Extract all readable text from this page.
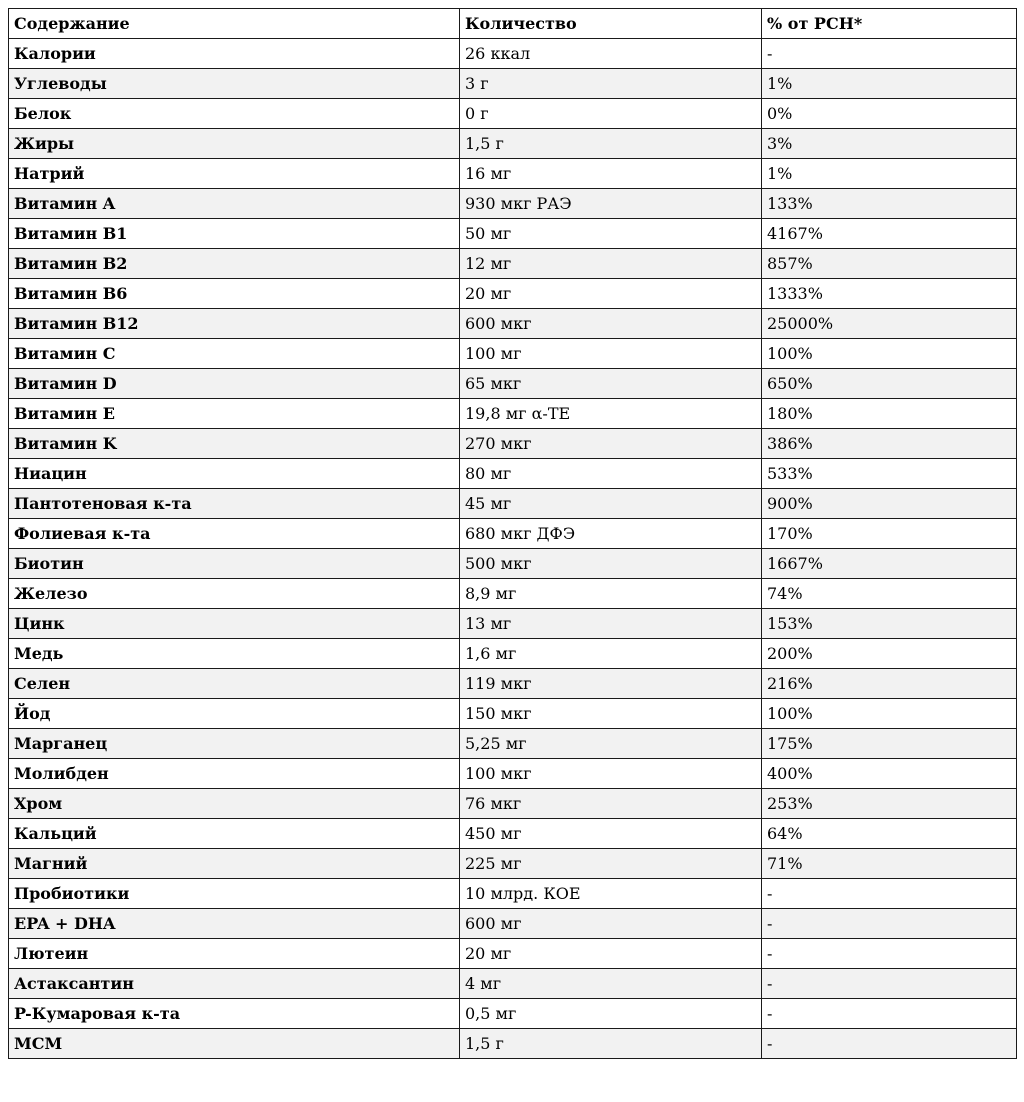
Содержание	Количество	% от РСН*
Калории	26 ккал	-
Углеводы	3 г	1%
Белок	0 г	0%
Жиры	1,5 г	3%
Натрий	16 мг	1%
Витамин A	930 мкг РАЭ	133%
Витамин B1	50 мг	4167%
Витамин B2	12 мг	857%
Витамин B6	20 мг	1333%
Витамин B12	600 мкг	25000%
Витамин C	100 мг	100%
Витамин D	65 мкг	650%
Витамин E	19,8 мг α-TE	180%
Витамин K	270 мкг	386%
Ниацин	80 мг	533%
Пантотеновая к-та	45 мг	900%
Фолиевая к-та	680 мкг ДФЭ	170%
Биотин	500 мкг	1667%
Железо	8,9 мг	74%
Цинк	13 мг	153%
Медь	1,6 мг	200%
Селен	119 мкг	216%
Йод	150 мкг	100%
Марганец	5,25 мг	175%
Молибден	100 мкг	400%
Хром	76 мкг	253%
Кальций	450 мг	64%
Магний	225 мг	71%
Пробиотики	10 млрд. КОЕ	-
EPA + DHA	600 мг	-
Лютеин	20 мг	-
Астаксантин	4 мг	-
P-Кумаровая к-та	0,5 мг	-
MCM	1,5 г	-
